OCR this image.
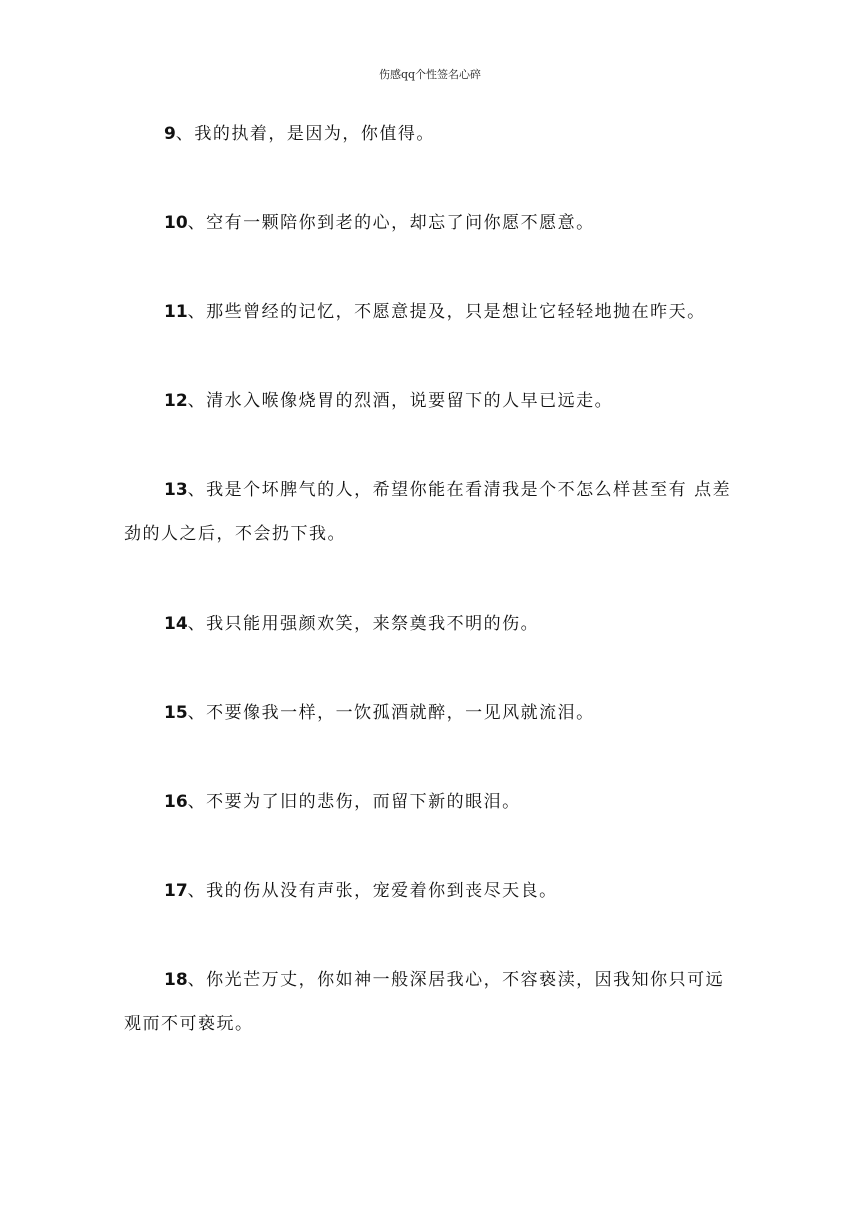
伤感qq个性签名心碎
9、我的执着，是因为，你值得。
10、空有一颗陪你到老的心，却忘了问你愿不愿意。
11、那些曾经的记忆，不愿意提及，只是想让它轻轻地抛在昨天。
12、清水入喉像烧胃的烈酒，说要留下的人早已远走。
13、我是个坏脾气的人，希望你能在看清我是个不怎么样甚至有 点差劲的人之后，不会扔下我。
14、我只能用强颜欢笑，来祭奠我不明的伤。
15、不要像我一样，一饮孤酒就醉，一见风就流泪。
16、不要为了旧的悲伤，而留下新的眼泪。
17、我的伤从没有声张，宠爱着你到丧尽天良。
18、你光芒万丈，你如神一般深居我心，不容亵渎，因我知你只可远观而不可亵玩。
